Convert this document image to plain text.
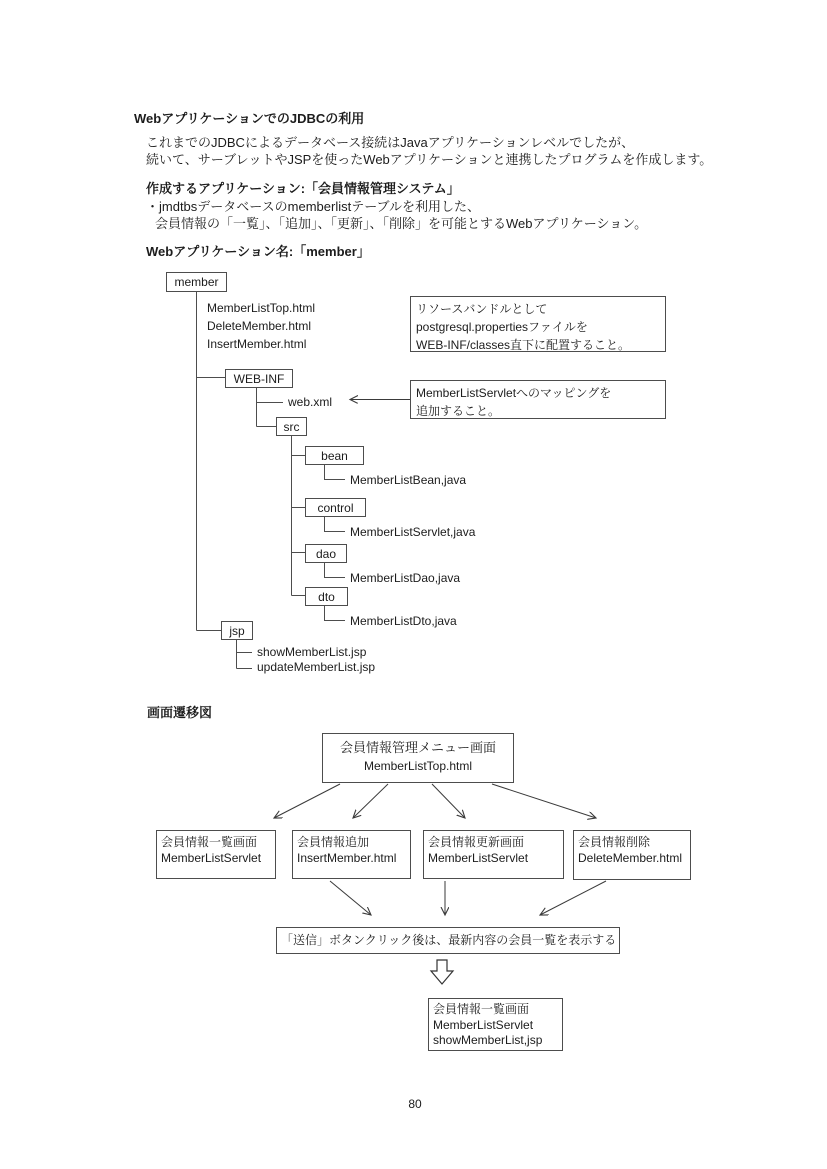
WebアプリケーションでのJDBCの利用
これまでのJDBCによるデータベース接続はJavaアプリケーションレベルでしたが、
続いて、サーブレットやJSPを使ったWebアプリケーションと連携したプログラムを作成します。
作成するアプリケーション:「会員情報管理システム」
・jmdtbsデータベースのmemberlistテーブルを利用した、
会員情報の「一覧」、「追加」、「更新」、「削除」を可能とするWebアプリケーション。
Webアプリケーション名:「member」
member
MemberListTop.html
DeleteMember.html
InsertMember.html
リソースバンドルとして
postgresql.propertiesファイルを
WEB-INF/classes直下に配置すること。
WEB-INF
web.xml
MemberListServletへのマッピングを
追加すること。
src
bean
MemberListBean,java
control
MemberListServlet,java
dao
MemberListDao,java
dto
MemberListDto,java
jsp
showMemberList.jsp
updateMemberList.jsp
画面遷移図
会員情報管理メニュー画面
MemberListTop.html
会員情報一覧画面
MemberListServlet
会員情報追加
InsertMember.html
会員情報更新画面
MemberListServlet
会員情報削除
DeleteMember.html
「送信」ボタンクリック後は、最新内容の会員一覧を表示する
会員情報一覧画面
MemberListServlet
showMemberList,jsp
80
